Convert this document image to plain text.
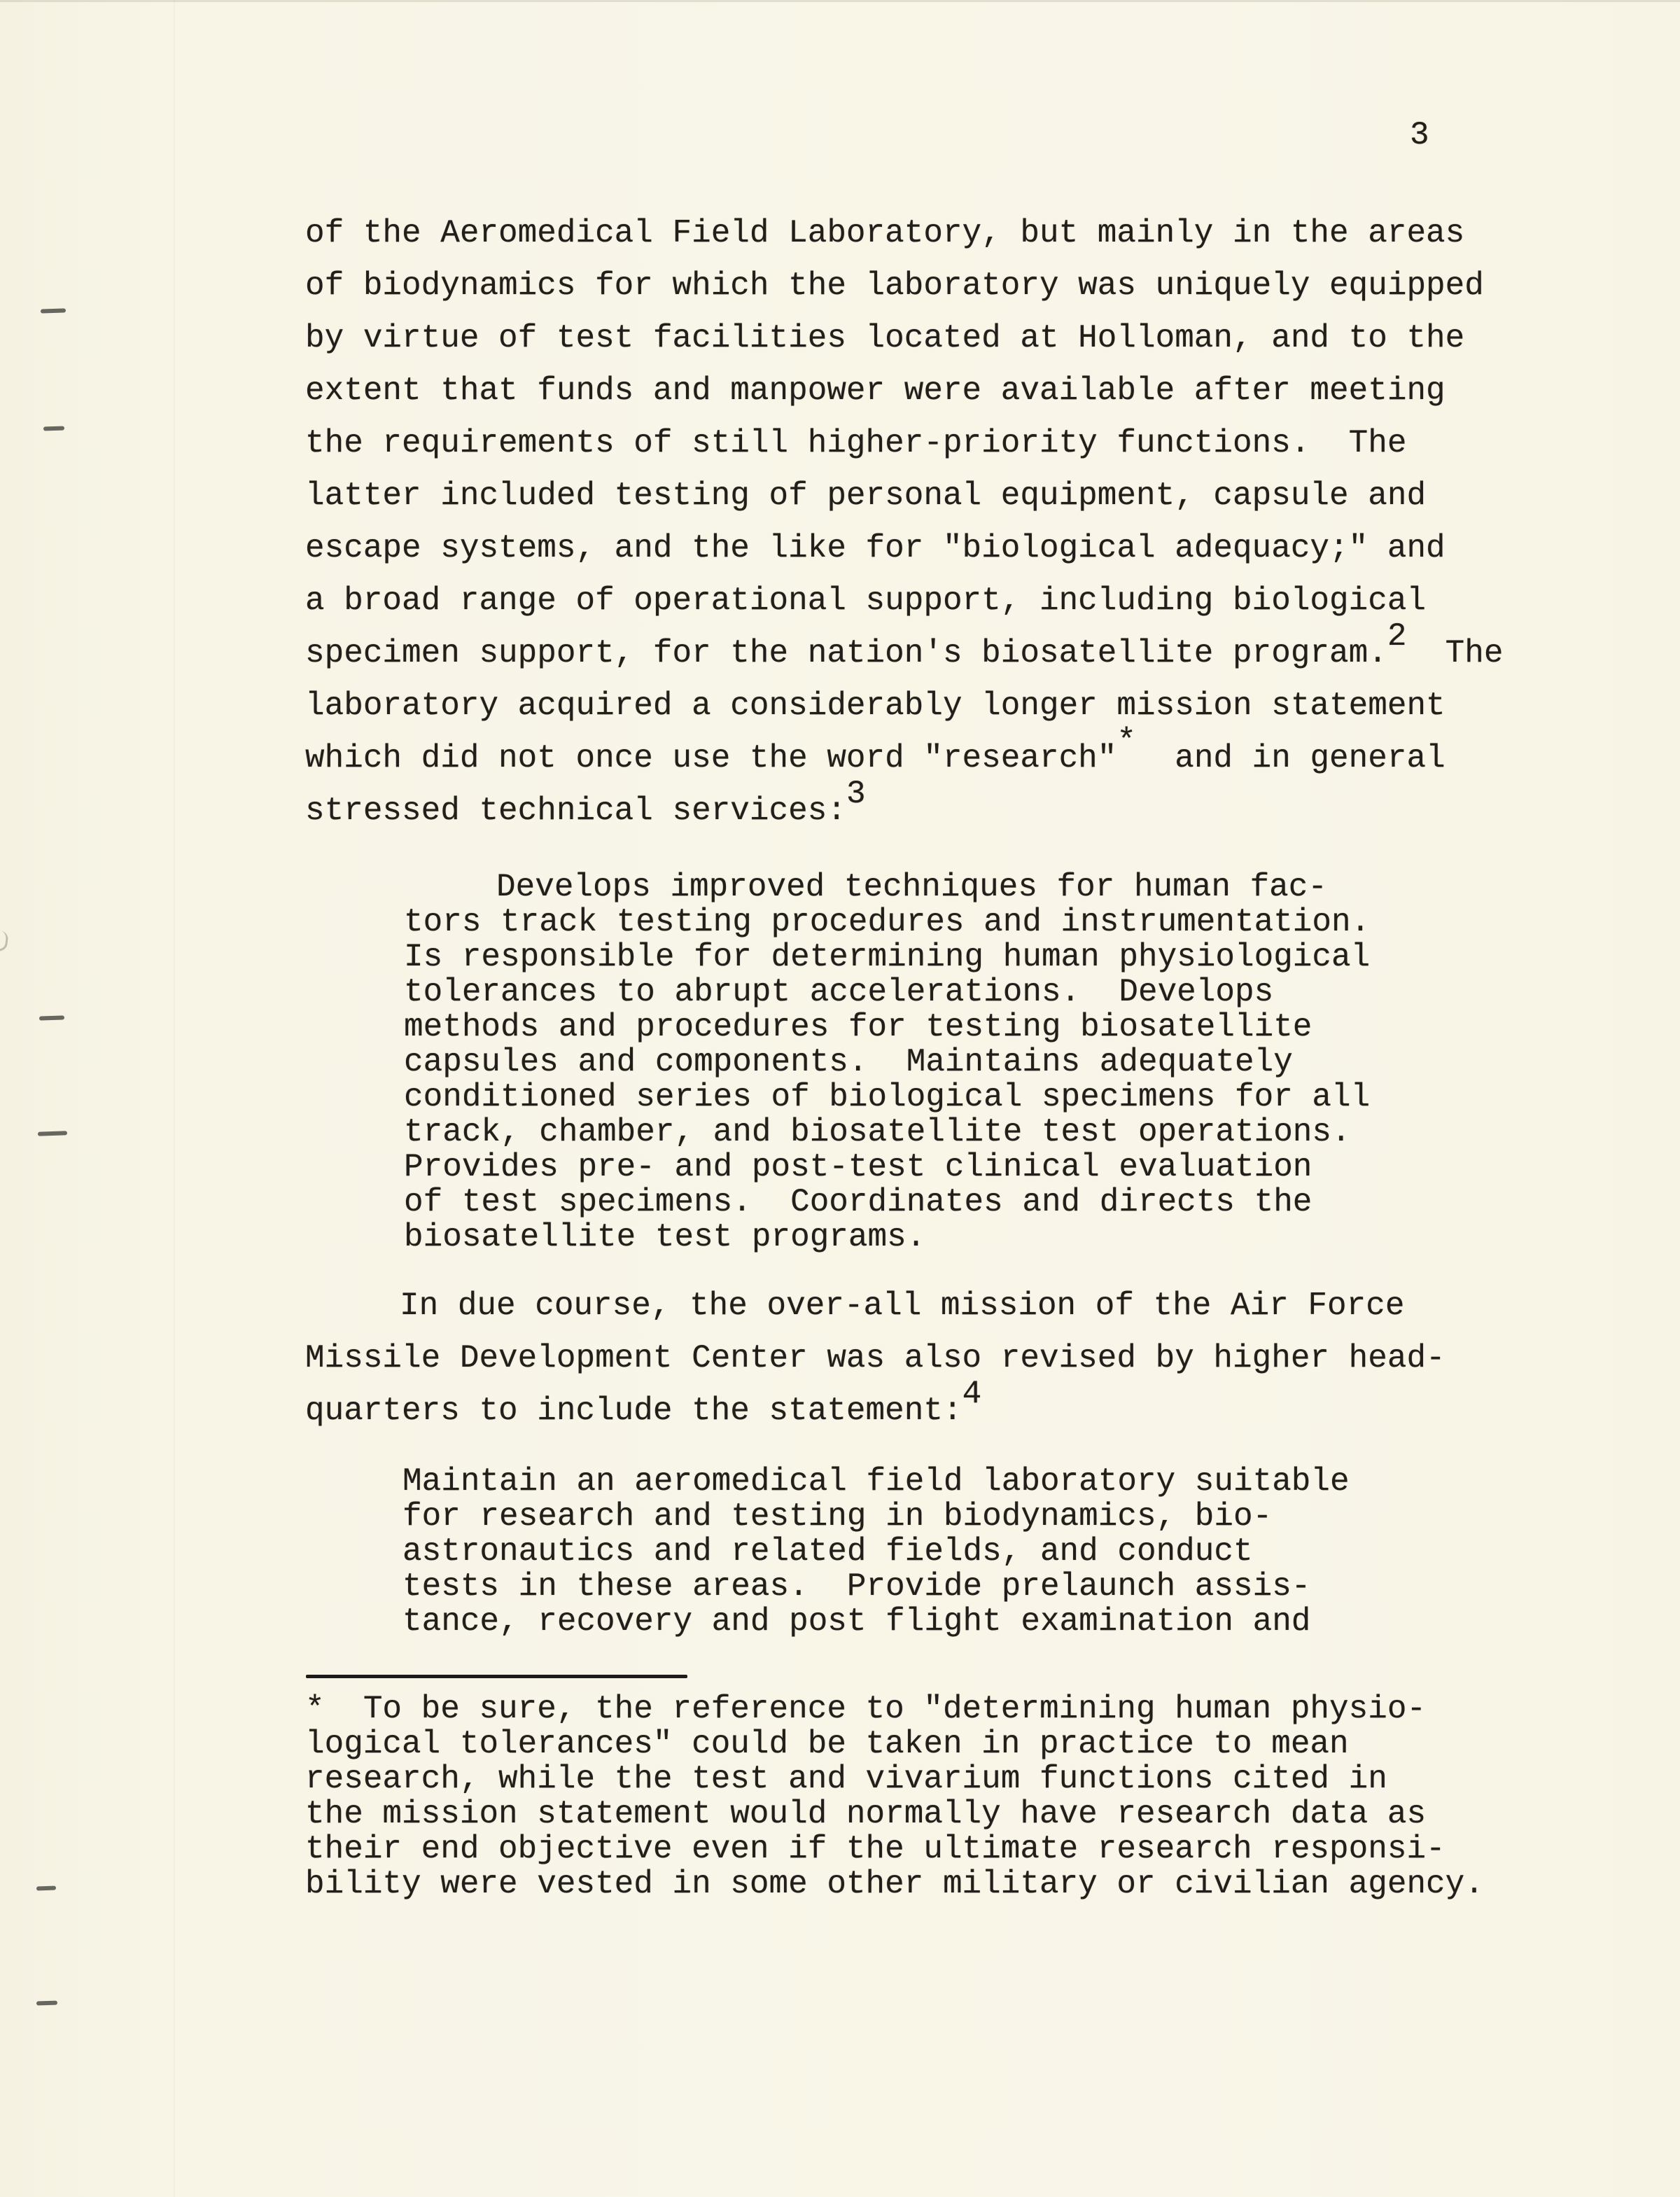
3
of the Aeromedical Field Laboratory, but mainly in the areas
of biodynamics for which the laboratory was uniquely equipped
by virtue of test facilities located at Holloman, and to the
extent that funds and manpower were available after meeting
the requirements of still higher-priority functions.  The
latter included testing of personal equipment, capsule and
escape systems, and the like for "biological adequacy;" and
a broad range of operational support, including biological
specimen support, for the nation's biosatellite program.2  The
laboratory acquired a considerably longer mission statement
which did not once use the word "research"*  and in general
stressed technical services:3
Develops improved techniques for human fac-
tors track testing procedures and instrumentation.
Is responsible for determining human physiological
tolerances to abrupt accelerations.  Develops
methods and procedures for testing biosatellite
capsules and components.  Maintains adequately
conditioned series of biological specimens for all
track, chamber, and biosatellite test operations.
Provides pre- and post-test clinical evaluation
of test specimens.  Coordinates and directs the
biosatellite test programs.
In due course, the over-all mission of the Air Force
Missile Development Center was also revised by higher head-
quarters to include the statement:4
Maintain an aeromedical field laboratory suitable
for research and testing in biodynamics, bio-
astronautics and related fields, and conduct
tests in these areas.  Provide prelaunch assis-
tance, recovery and post flight examination and
*  To be sure, the reference to "determining human physio-
logical tolerances" could be taken in practice to mean
research, while the test and vivarium functions cited in
the mission statement would normally have research data as
their end objective even if the ultimate research responsi-
bility were vested in some other military or civilian agency.
